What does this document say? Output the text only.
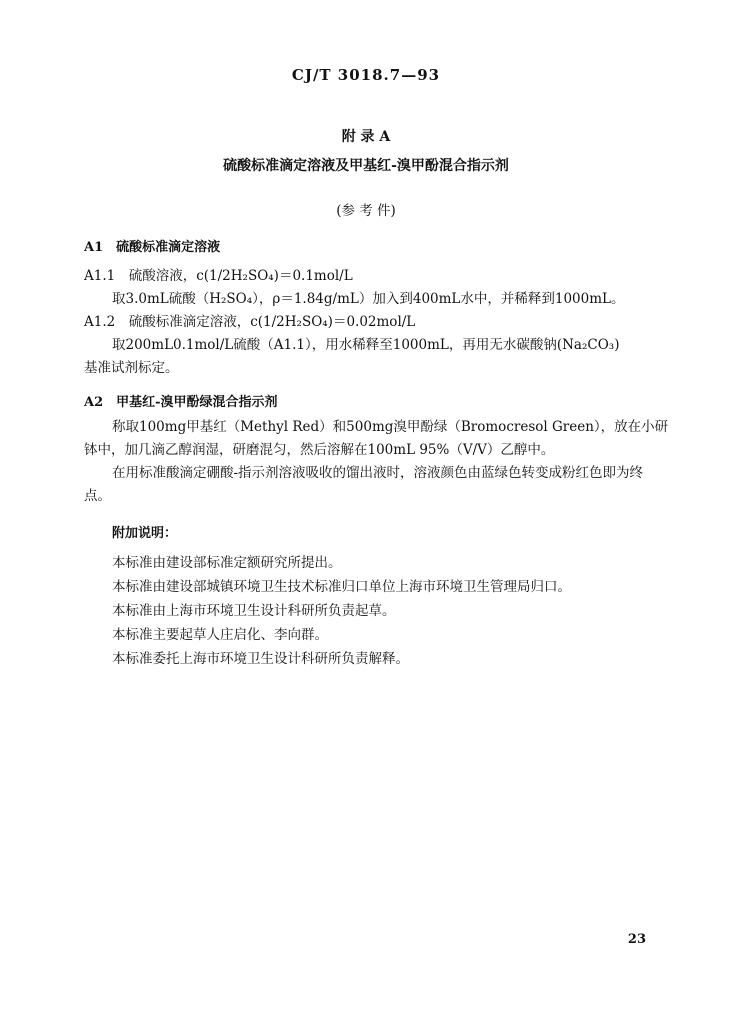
CJ/T 3018.7—93
附 录 A
硫酸标准滴定溶液及甲基红-溴甲酚混合指示剂
(参 考 件)
A1　硫酸标准滴定溶液
A1.1　硫酸溶液，c(1/2H₂SO₄)＝0.1mol/L
取3.0mL硫酸（H₂SO₄），ρ＝1.84g/mL）加入到400mL水中，并稀释到1000mL。
A1.2　硫酸标准滴定溶液，c(1/2H₂SO₄)＝0.02mol/L
取200mL0.1mol/L硫酸（A1.1），用水稀释至1000mL，再用无水碳酸钠(Na₂CO₃)
基准试剂标定。
A2　甲基红-溴甲酚绿混合指示剂
称取100mg甲基红（Methyl Red）和500mg溴甲酚绿（Bromocresol Green），放在小研钵中，加几滴乙醇润湿，研磨混匀，然后溶解在100mL 95%（V/V）乙醇中。
在用标准酸滴定硼酸-指示剂溶液吸收的馏出液时，溶液颜色由蓝绿色转变成粉红色即为终点。
附加说明：
本标准由建设部标准定额研究所提出。
本标准由建设部城镇环境卫生技术标准归口单位上海市环境卫生管理局归口。
本标准由上海市环境卫生设计科研所负责起草。
本标准主要起草人庄启化、李向群。
本标准委托上海市环境卫生设计科研所负责解释。
23
